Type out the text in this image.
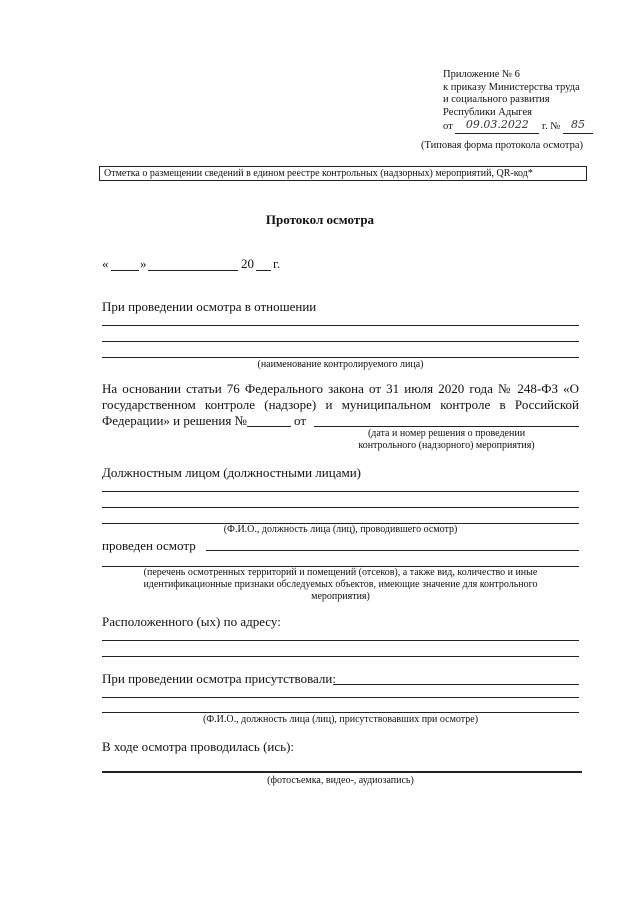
Приложение № 6
к приказу Министерства труда
и социального развития
Республики Адыгея
от 09.03.2022 г. № 85
(Типовая форма протокола осмотра)
Отметка о размещении сведений в едином реестре контрольных (надзорных) мероприятий, QR-код*
Протокол осмотра
« »	20 г.
При проведении осмотра в отношении
(наименование контролируемого лица)
На основании статьи 76 Федерального закона от 31 июля 2020 года № 248-ФЗ «О
государственном контроле (надзоре) и муниципальном контроле в Российской
Федерации» и решения №	от
(дата и номер решения о проведении
контрольного (надзорного) мероприятия)
Должностным лицом (должностными лицами)
(Ф.И.О., должность лица (лиц), проводившего осмотр)
проведен осмотр
(перечень осмотренных территорий и помещений (отсеков), а также вид, количество и иные
идентификационные признаки обследуемых объектов, имеющие значение для контрольного
мероприятия)
Расположенного (ых) по адресу:
При проведении осмотра присутствовали:
(Ф.И.О., должность лица (лиц), присутствовавших при осмотре)
В ходе осмотра проводилась (ись):
(фотосъемка, видео-, аудиозапись)
